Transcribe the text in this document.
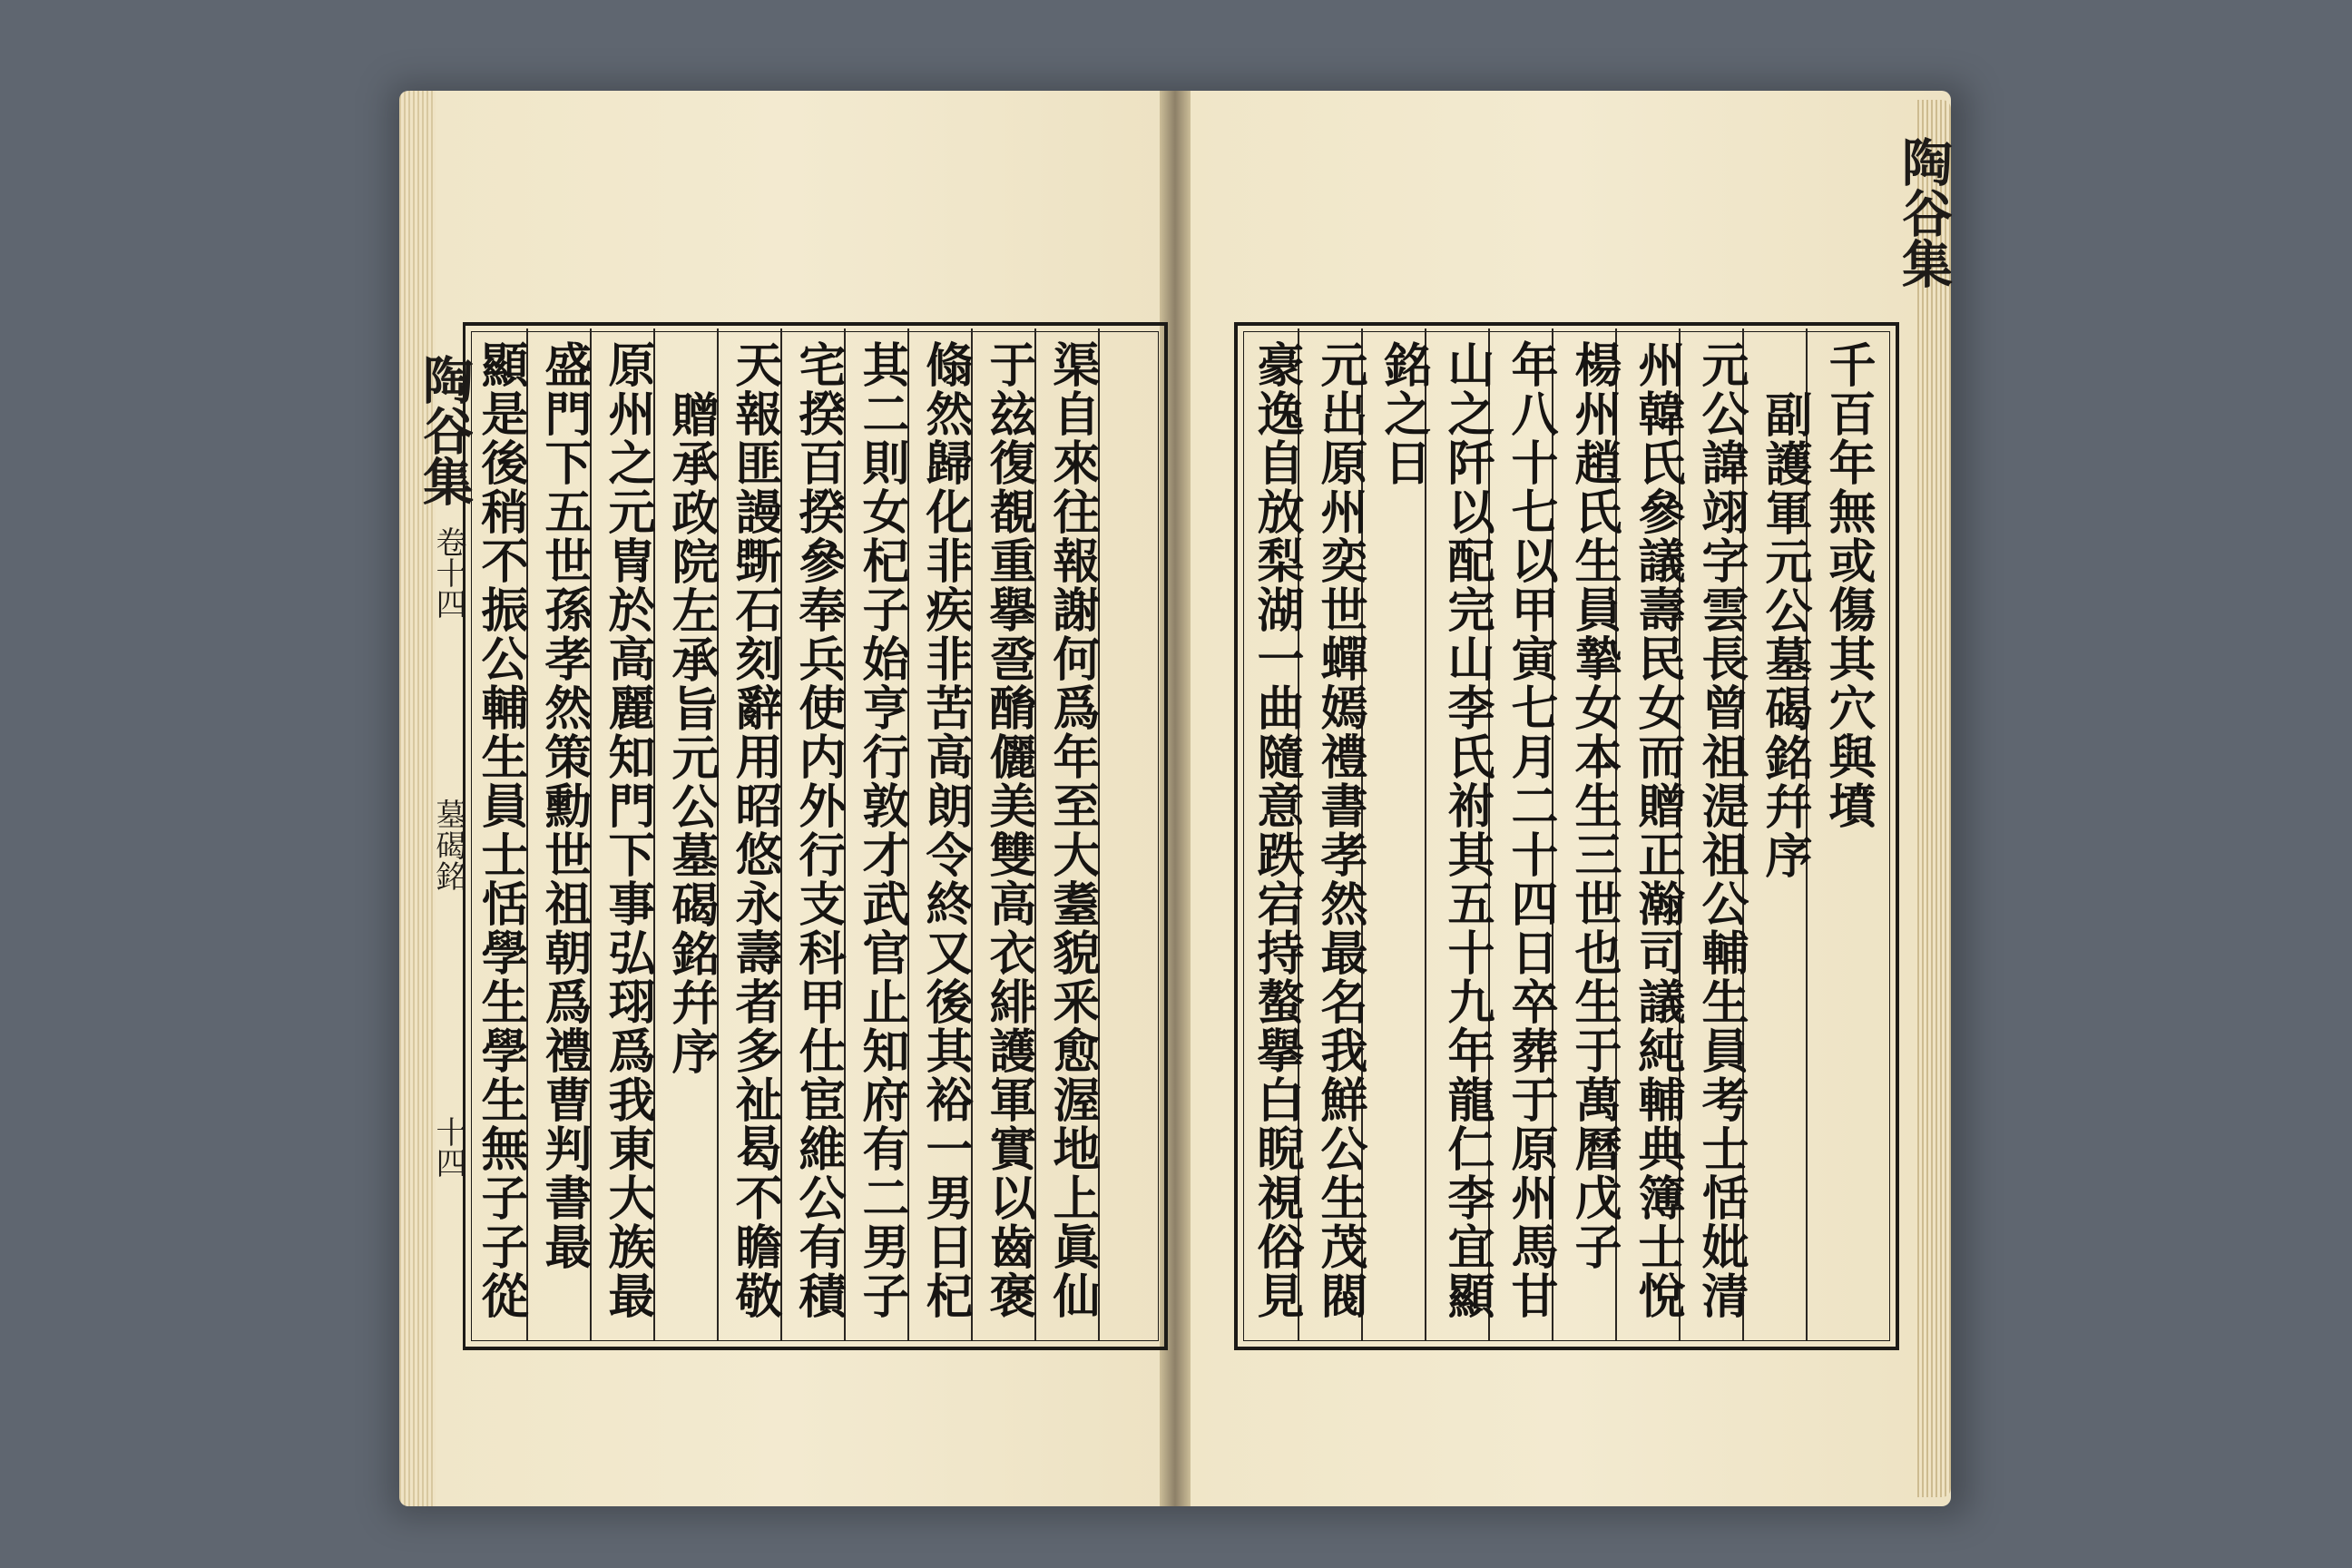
陶谷集
卷十四
墓碣銘
十四	渠自來往報謝何爲年至大耋貌釆愈渥地上眞仙
于玆復覩重擧巹酳儷美雙高衣緋護軍實以齒褒
翛然歸化非疾非苦高朗令終又後其裕一男日杞
其二則女杞子始亨行敦才武官止知府有二男子
宅揆百揆參奉兵使内外行支科甲仕宦維公有積
天報匪謾斲石刻辭用昭悠永壽者多祉曷不瞻敬
贈承政院左承旨元公墓碣銘幷序
原州之元冑於高麗知門下事弘珝爲我東大族最
盛門下五世孫孝然策勳世祖朝爲禮曹判書最
顯是後稍不振公輔生員士恬學生學生無子子從
陶谷集
千百年無或傷其穴與墳
副護軍元公墓碣銘幷序
元公諱翊字雲長曾祖湜祖公輔生員考士恬妣清
州韓氏參議壽民女而贈正瀚司議純輔典簿士悅
楊州趙氏生員摯女本生三世也生于萬曆戊子
年八十七以甲寅七月二十四日卒葬于原州馬甘
山之阡以配完山李氏祔其五十九年龍仁李宜顯
銘之日
元出原州奕世蟬嫣禮書孝然最名我鮮公生茂閥
豪逸自放梨湖一曲隨意跌宕持螯擧白睨視俗見
